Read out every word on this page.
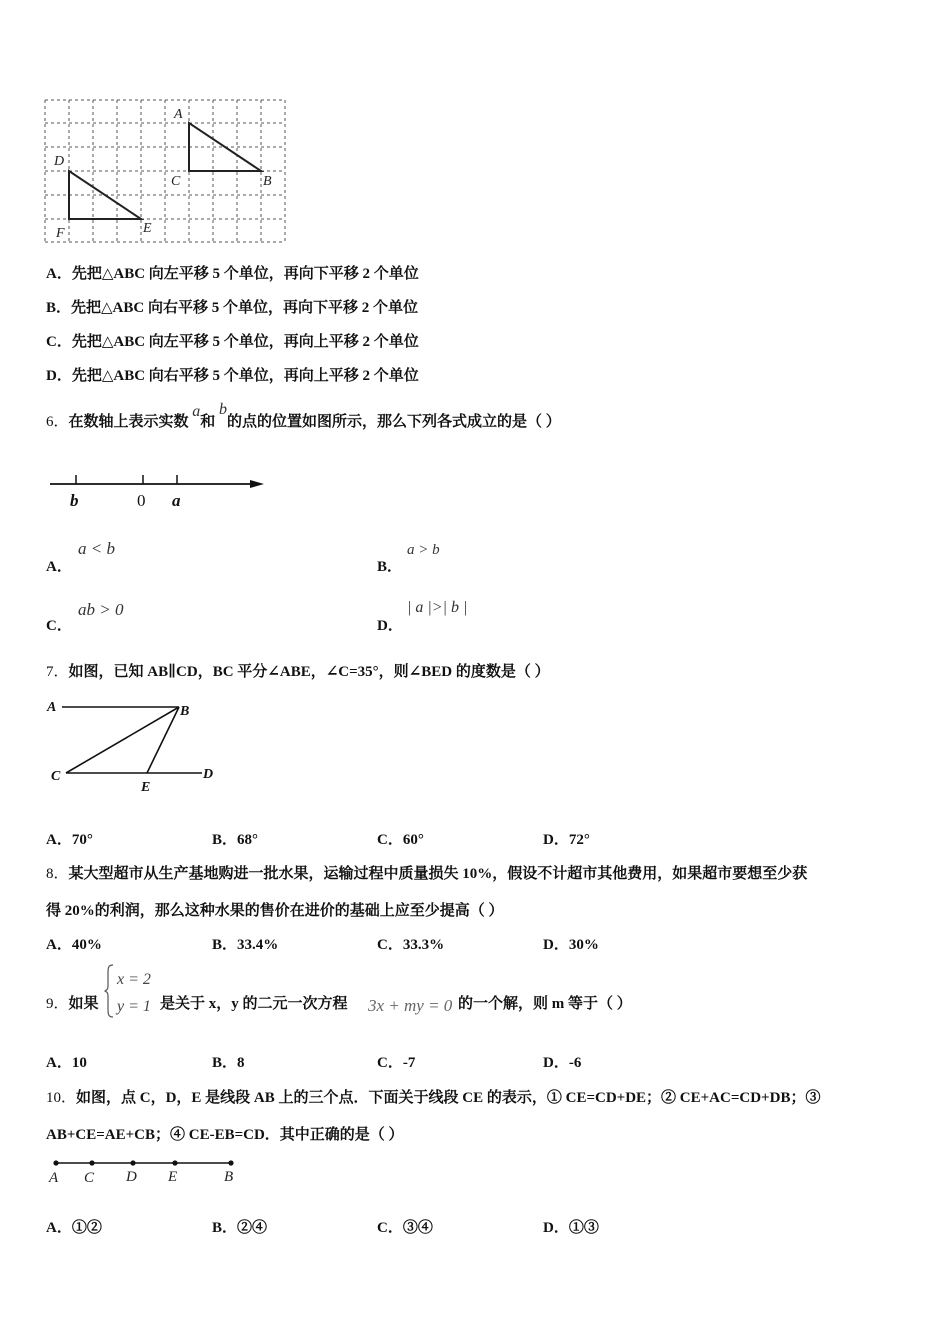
A
B
C
D
E
F
A．先把△ABC 向左平移 5 个单位，再向下平移 2 个单位
B．先把△ABC 向右平移 5 个单位，再向下平移 2 个单位
C．先把△ABC 向左平移 5 个单位，再向上平移 2 个单位
D．先把△ABC 向右平移 5 个单位，再向上平移 2 个单位
6．在数轴上表示实数 a和 b的点的位置如图所示，那么下列各式成立的是（ ）
b	0 a
A．
a < b
B．
a > b
C．
ab > 0
D．
| a |>| b |
7．如图，已知 AB∥CD，BC 平分∠ABE，∠C=35°，则∠BED 的度数是（ ）
A	B
C	D
E
A．70°	B．68°	C．60°	D．72°
8．某大型超市从生产基地购进一批水果，运输过程中质量损失 10%，假设不计超市其他费用，如果超市要想至少获
得 20%的利润，那么这种水果的售价在进价的基础上应至少提高（ ）
A．40%	B．33.4%	C．33.3%	D．30%
9．如果
x = 2
y = 1 是关于 x，y 的二元一次方程 3x + my = 0 的一个解，则 m 等于（ ）
A．10	B．8	C．-7	D．-6
10．如图，点 C，D，E 是线段 AB 上的三个点．下面关于线段 CE 的表示，① CE=CD+DE；② CE+AC=CD+DB；③
AB+CE=AE+CB；④ CE-EB=CD．其中正确的是（ ）
A C D E	B
A．①②	B．②④	C．③④	D．①③
